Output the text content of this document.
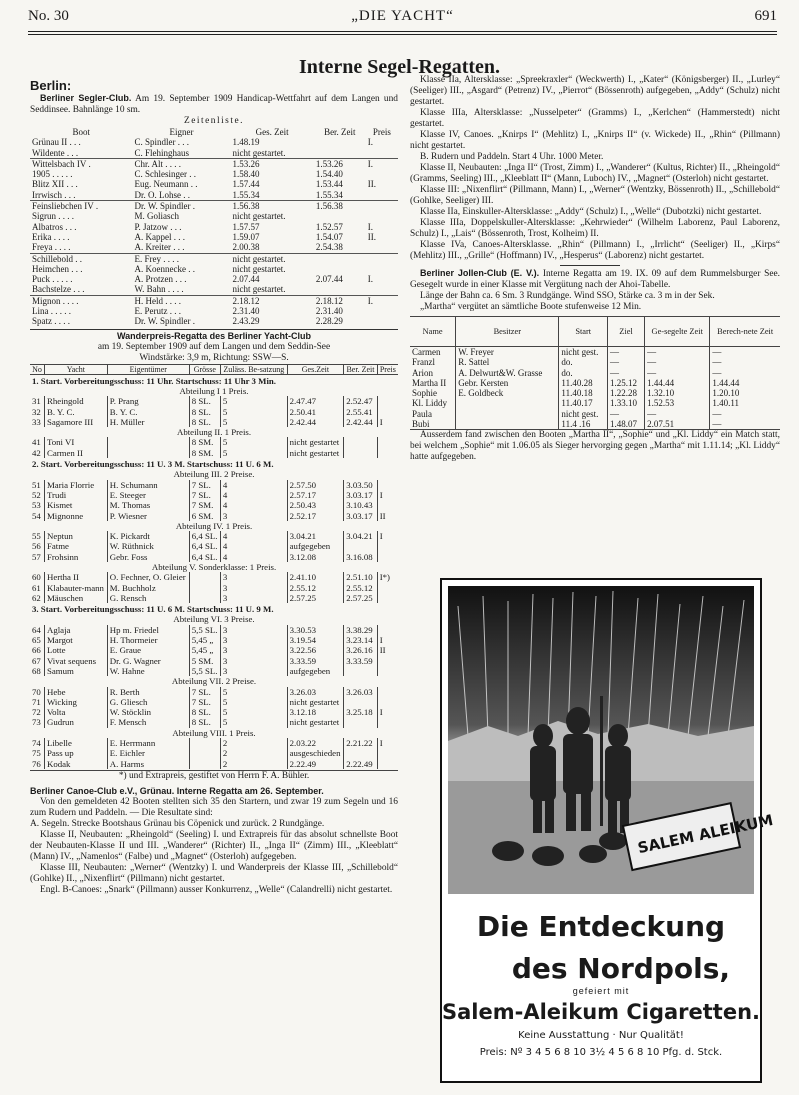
No. 30	„DIE YACHT“	691
Interne Segel-Regatten.
Berlin:

Berliner Segler-Club. Am 19. September 1909 Handicap-Wettfahrt auf dem Langen und Seddinsee. Bahnlänge 10 sm.

Zeitenliste.
Boot	Eigner	Ges. Zeit	Ber. Zeit	Preis
Grünau II . . .	C. Spindler . . .	1.48.19		I.
Wildente . . .	C. Flehinghaus	nicht gestartet.		
Wittelsbach IV .	Chr. Alt . . . .	1.53.26	1.53.26	I.
1905 . . . . .	C. Schlesinger . .	1.58.40	1.54.40	
Blitz XII . . .	Eug. Neumann . .	1.57.44	1.53.44	II.
Irrwisch . . .	Dr. O. Lohse . .	1.55.34	1.55.34	
Feinsliebchen IV .	Dr. W. Spindler .	1.56.38	1.56.38	
Sigrun . . . .	M. Goliasch	nicht gestartet.		
Albatros . . .	P. Jatzow . . .	1.57.57	1.52.57	I.
Erika . . . .	A. Kappel . . .	1.59.07	1.54.07	II.
Freya . . . .	A. Kreiter . . .	2.00.38	2.54.38	
Schillebold . .	E. Frey . . . .	nicht gestartet.		
Heimchen . . .	A. Koennecke . .	nicht gestartet.		
Puck . . . . .	A. Protzen . . .	2.07.44	2.07.44	I.
Bachstelze . . .	W. Bahn . . . .	nicht gestartet.		
Mignon . . . .	H. Held . . . .	2.18.12	2.18.12	I.
Lina . . . . .	E. Perutz . . .	2.31.40	2.31.40	
Spatz . . . .	Dr. W. Spindler .	2.43.29	2.28.29	
Wanderpreis-Regatta des Berliner Yacht-Club
am 19. September 1909 auf dem Langen und dem Seddin-See
Windstärke: 3,9 m, Richtung: SSW—S.
No	Yacht	Eigentümer	Grösse	Zuläss. Be-satzung	Ges.Zeit	Ber. Zeit	Preis
1. Start. Vorbereitungsschuss: 11 Uhr. Startschuss: 11 Uhr 3 Min.							
Abteilung I 1 Preis.							
31	Rheingold	P. Prang	8 SL.	5	2.47.47	2.52.47	
32	B. Y. C.	B. Y. C.	8 SL.	5	2.50.41	2.55.41	
33	Sagamore III	H. Müller	8 SL.	5	2.42.44	2.42.44	I
Abteilung II. 1 Preis.							
41	Toni VI		8 SM.	5	nicht gestartet		
42	Carmen II		8 SM.	5	nicht gestartet		
2. Start. Vorbereitungsschuss: 11 U. 3 M. Startschuss: 11 U. 6 M.							
Abteilung III. 2 Preise.							
51	Maria Florrie	H. Schumann	7 SL.	4	2.57.50	3.03.50	
52	Trudi	E. Steeger	7 SL.	4	2.57.17	3.03.17	I
53	Kismet	M. Thomas	7 SM.	4	2.50.43	3.10.43	
54	Mignonne	P. Wiesner	6 SM.	3	2.52.17	3.03.17	II
Abteilung IV. 1 Preis.							
55	Neptun	K. Pickardt	6,4 SL.	4	3.04.21	3.04.21	I
56	Fatme	W. Rüthnick	6,4 SL.	4	aufgegeben		
57	Frohsinn	Gebr. Foss	6,4 SL.	4	3.12.08	3.16.08	
Abteilung V. Sonderklasse: 1 Preis.							
60	Hertha II	O. Fechner, O. Gleier		3	2.41.10	2.51.10	I*)
61	Klabauter-mann	M. Buchholz		3	2.55.12	2.55.12	
62	Mäuschen	G. Rensch		3	2.57.25	2.57.25	
3. Start. Vorbereitungsschuss: 11 U. 6 M. Startschuss: 11 U. 9 M.							
Abteilung VI. 3 Preise.							
64	Aglaja	Hp m. Friedel	5,5 SL.	3	3.30.53	3.38.29	
65	Margot	H. Thormeier	5,45 „	3	3.19.54	3.23.14	I
66	Lotte	E. Graue	5,45 „	3	3.22.56	3.26.16	II
67	Vivat sequens	Dr. G. Wagner	5 SM.	3	3.33.59	3.33.59	
68	Samum	W. Hahne	5,5 SL.	3	aufgegeben		
Abteilung VII. 2 Preise.							
70	Hebe	R. Berth	7 SL.	5	3.26.03	3.26.03	
71	Wicking	G. Gliesch	7 SL.	5	nicht gestartet		
72	Volta	W. Stöcklin	8 SL.	5	3.12.18	3.25.18	I
73	Gudrun	F. Mensch	8 SL.	5	nicht gestartet		
Abteilung VIII. 1 Preis.							
74	Libelle	E. Herrmann		2	2.03.22	2.21.22	I
75	Pass up	E. Eichler		2	ausgeschieden		
76	Kodak	A. Harms		2	2.22.49	2.22.49	
*) und Extrapreis, gestiftet von Herrn F. A. Bühler.
Berliner Canoe-Club e.V., Grünau. Interne Regatta am 26. September.

Von den gemeldeten 42 Booten stellten sich 35 den Startern, und zwar 19 zum Segeln und 16 zum Rudern und Paddeln. — Die Resultate sind:

A. Segeln. Strecke Bootshaus Grünau bis Cöpenick und zurück. 2 Rundgänge.

Klasse II, Neubauten: „Rheingold“ (Seeling) I. und Extrapreis für das absolut schnellste Boot der Neubauten-Klasse II und III. „Wanderer“ (Richter) II., „Inga II“ (Zimm) III., „Kleeblatt“ (Mann) IV., „Namenlos“ (Falbe) und „Magnet“ (Osterloh) aufgegeben.

Klasse III, Neubauten: „Werner“ (Wentzky) I. und Wanderpreis der Klasse III, „Schillebold“ (Gohlke) II., „Nixenflirt“ (Pillmann) nicht gestartet.

Engl. B-Canoes: „Snark“ (Pillmann) ausser Konkurrenz, „Welle“ (Calandrelli) nicht gestartet.

Klasse IIa, Altersklasse: „Spreekraxler“ (Weckwerth) I., „Kater“ (Königsberger) II., „Lurley“ (Seeliger) III., „Asgard“ (Petrenz) IV., „Pierrot“ (Bössenroth) aufgegeben, „Addy“ (Schulz) nicht gestartet.

Klasse IIIa, Altersklasse: „Nusselpeter“ (Gramms) I., „Kerlchen“ (Hammerstedt) nicht gestartet.

Klasse IV, Canoes. „Knirps I“ (Mehlitz) I., „Knirps II“ (v. Wickede) II., „Rhin“ (Pillmann) nicht gestartet.

B. Rudern und Paddeln. Start 4 Uhr. 1000 Meter.

Klasse II, Neubauten: „Inga II“ (Trost, Zimm) I., „Wanderer“ (Kultus, Richter) II., „Rheingold“ (Gramms, Seeling) III., „Kleeblatt II“ (Mann, Luboch) IV., „Magnet“ (Osterloh) nicht gestartet.

Klasse III: „Nixenflirt“ (Pillmann, Mann) I., „Werner“ (Wentzky, Bössenroth) II., „Schillebold“ (Gohlke, Seeliger) III.

Klasse IIa, Einskuller-Altersklasse: „Addy“ (Schulz) I., „Welle“ (Dubotzki) nicht gestartet.

Klasse IIIa, Doppelskuller-Altersklasse: „Kehrwieder“ (Wilhelm Laborenz, Paul Laborenz, Schulz) I., „Lais“ (Bössenroth, Trost, Kolheim) II.

Klasse IVa, Canoes-Altersklasse. „Rhin“ (Pillmann) I., „Irrlicht“ (Seeliger) II., „Kirps“ (Mehlitz) III., „Grille“ (Hoffmann) IV., „Hesperus“ (Laborenz) nicht gestartet.

Berliner Jollen-Club (E. V.). Interne Regatta am 19. IX. 09 auf dem Rummelsburger See. Gesegelt wurde in einer Klasse mit Vergütung nach der Ahoi-Tabelle.

Länge der Bahn ca. 6 Sm. 3 Rundgänge. Wind SSO, Stärke ca. 3 m in der Sek.

„Martha“ vergütet an sämtliche Boote stufenweise 12 Min.

Name	Besitzer	Start	Ziel	Ge-segelte Zeit	Berech-nete Zeit
Carmen	W. Freyer	nicht gest.	—	—	—
Franzl	R. Sattel	do.	—	—	—
Arion	A. Delwurt&W. Grasse	do.	—	—	—
Martha II	Gebr. Kersten	11.40.28	1.25.12	1.44.44	1.44.44
Sophie	E. Goldbeck	11.40.18	1.22.28	1.32.10	1.20.10
Kl. Liddy		11.40.17	1.33.10	1.52.53	1.40.11
Paula		nicht gest.	—	—	—
Bubi		11.4 .16	1.48.07	2.07.51	—

Ausserdem fand zwischen den Booten „Martha II“, „Sophie“ und „Kl. Liddy“ ein Match statt, bei welchem „Sophie“ mit 1.06.05 als Sieger hervorging gegen „Martha“ mit 1.11.14; „Kl. Liddy“ hatte aufgegeben.

SALEM ALEIKUM
Die Entdeckung
des Nordpols,
gefeiert mit
Salem-Aleikum Cigaretten.
Keine Ausstattung · Nur Qualität!
Preis: Nº 3 4 5 6 8 10 3½ 4 5 6 8 10 Pfg. d. Stck.
